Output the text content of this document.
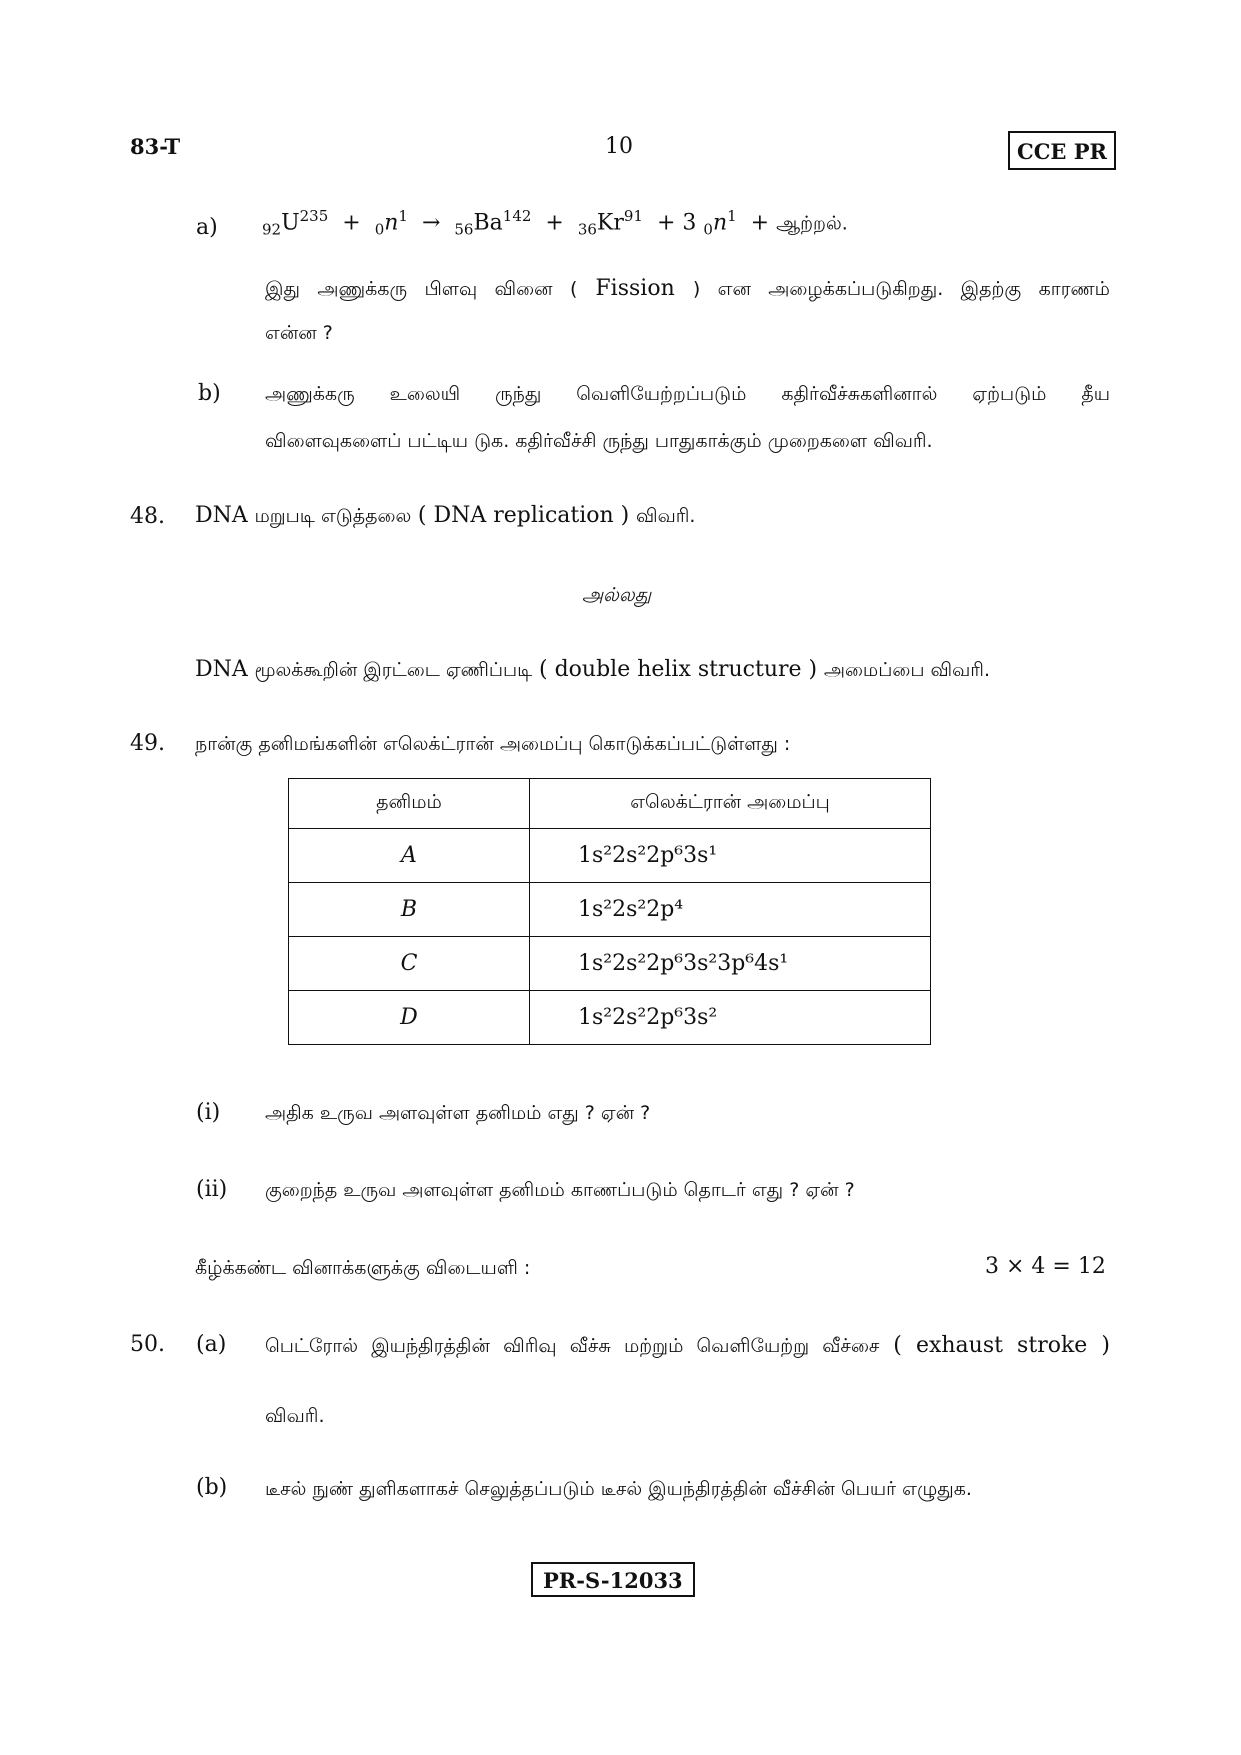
83-T	10	CCE PR
a)	$_{92}U^{235} + _0n^1 \to _{56}Ba^{142} + _{36}Kr^{91} + 3$ $_0n^1$  + ஆற்றல்.
இது அணுக்கரு பிளவு வினை ( Fission ) என அழைக்கப்படுகிறது. இதற்கு காரணம்
என்ன ?
b) அணுக்கரு உலையி ருந்து வெளியேற்றப்படும் கதிர்வீச்சுகளினால் ஏற்படும் தீய
விளைவுகளைப் பட்டிய டுக. கதிர்வீச்சி ருந்து பாதுகாக்கும் முறைகளை விவரி.
48. DNA மறுபடி எடுத்தலை ( DNA replication ) விவரி.
அல்லது
DNA மூலக்கூறின் இரட்டை ஏணிப்படி ( double helix structure ) அமைப்பை விவரி.
49. நான்கு தனிமங்களின் எலெக்ட்ரான் அமைப்பு கொடுக்கப்பட்டுள்ளது :
தனிமம்	எலெக்ட்ரான் அமைப்பு
A	1s²2s²2p⁶3s¹
B	1s²2s²2p⁴
C	1s²2s²2p⁶3s²3p⁶4s¹
D	1s²2s²2p⁶3s²
(i) அதிக உருவ அளவுள்ள தனிமம் எது ? ஏன் ?
(ii) குறைந்த உருவ அளவுள்ள தனிமம் காணப்படும் தொடர் எது ? ஏன் ?
கீழ்க்கண்ட வினாக்களுக்கு விடையளி :	3 × 4 = 12
50. (a) பெட்ரோல் இயந்திரத்தின் விரிவு வீச்சு மற்றும் வெளியேற்று வீச்சை ( exhaust stroke )
விவரி.
(b) டீசல் நுண் துளிகளாகச் செலுத்தப்படும் டீசல் இயந்திரத்தின் வீச்சின் பெயர் எழுதுக.
PR-S-12033
